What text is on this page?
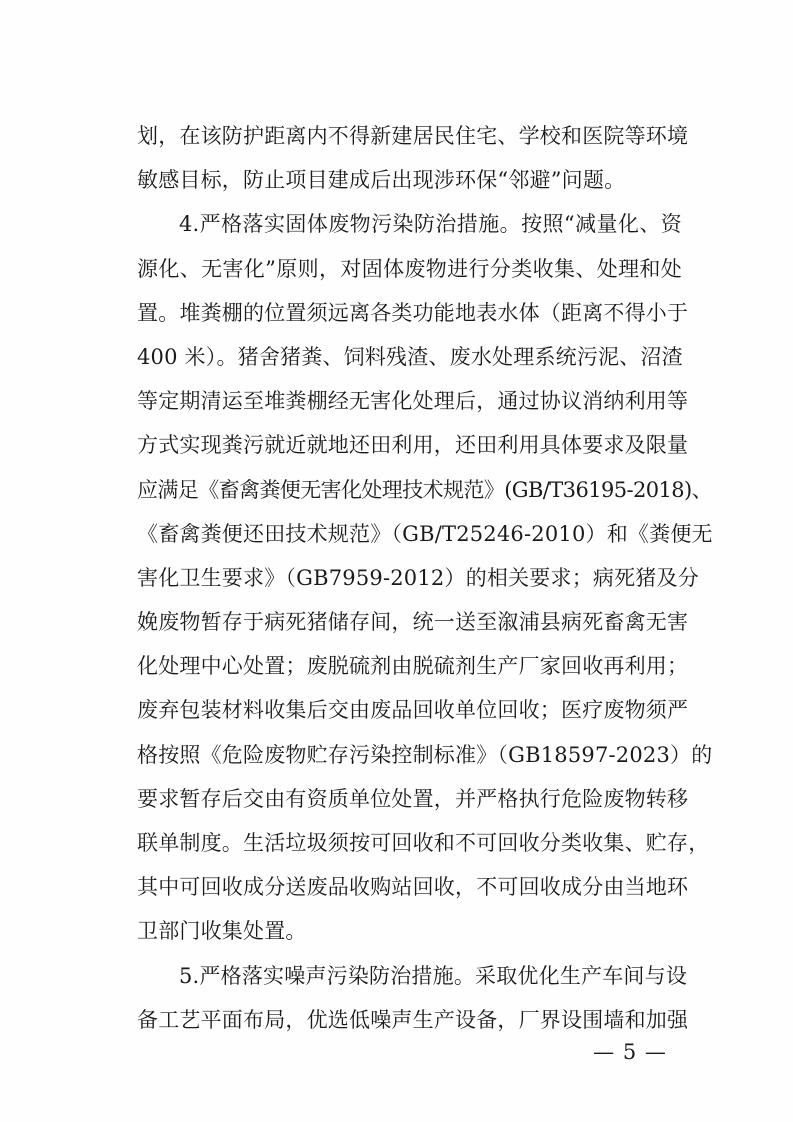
划，在该防护距离内不得新建居民住宅、学校和医院等环境
敏感目标，防止项目建成后出现涉环保“邻避”问题。
4.严格落实固体废物污染防治措施。按照“减量化、资
源化、无害化”原则，对固体废物进行分类收集、处理和处
置。堆粪棚的位置须远离各类功能地表水体（距离不得小于
400 米）。猪舍猪粪、饲料残渣、废水处理系统污泥、沼渣
等定期清运至堆粪棚经无害化处理后，通过协议消纳利用等
方式实现粪污就近就地还田利用，还田利用具体要求及限量
应满足《畜禽粪便无害化处理技术规范》(GB/T36195-2018)、
《畜禽粪便还田技术规范》（GB/T25246-2010）和《粪便无
害化卫生要求》（GB7959-2012）的相关要求；病死猪及分
娩废物暂存于病死猪储存间，统一送至溆浦县病死畜禽无害
化处理中心处置；废脱硫剂由脱硫剂生产厂家回收再利用；
废弃包装材料收集后交由废品回收单位回收；医疗废物须严
格按照《危险废物贮存污染控制标准》（GB18597-2023）的
要求暂存后交由有资质单位处置，并严格执行危险废物转移
联单制度。生活垃圾须按可回收和不可回收分类收集、贮存，
其中可回收成分送废品收购站回收，不可回收成分由当地环
卫部门收集处置。
5.严格落实噪声污染防治措施。采取优化生产车间与设
备工艺平面布局，优选低噪声生产设备，厂界设围墙和加强
— 5 —
